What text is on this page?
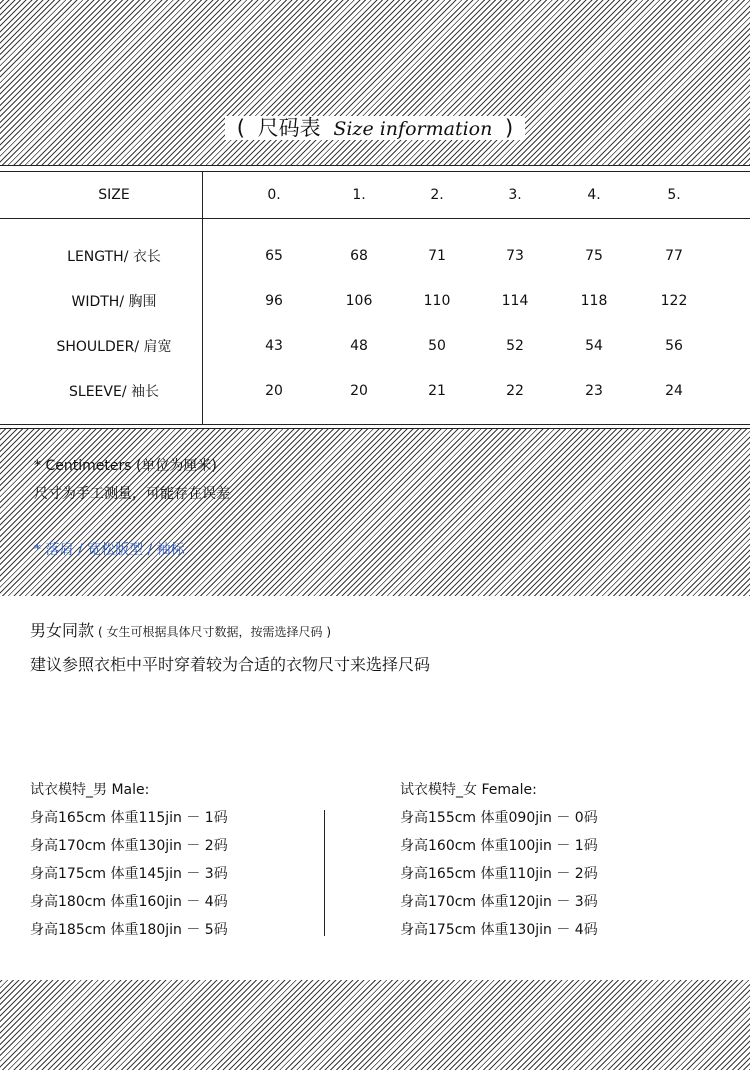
( 尺码表 Size information )
SIZE	0.	1.	2.	3.	4.	5.	

LENGTH/ 衣长	65	68	71	73	75	77	
WIDTH/ 胸围	96	106	110	114	118	122	
SHOULDER/ 肩宽	43	48	50	52	54	56	
SLEEVE/ 袖长	20	20	21	22	23	24	
* Centimeters (单位为厘米)
尺寸为手工测量，可能存在误差
* 落肩 / 宽松版型 / 袖标
男女同款 ( 女生可根据具体尺寸数据，按需选择尺码 )
建议参照衣柜中平时穿着较为合适的衣物尺寸来选择尺码
试衣模特_男 Male:
身高165cm 体重115jin － 1码
身高170cm 体重130jin － 2码
身高175cm 体重145jin － 3码
身高180cm 体重160jin － 4码
身高185cm 体重180jin － 5码
试衣模特_女 Female:
身高155cm 体重090jin － 0码
身高160cm 体重100jin － 1码
身高165cm 体重110jin － 2码
身高170cm 体重120jin － 3码
身高175cm 体重130jin － 4码
